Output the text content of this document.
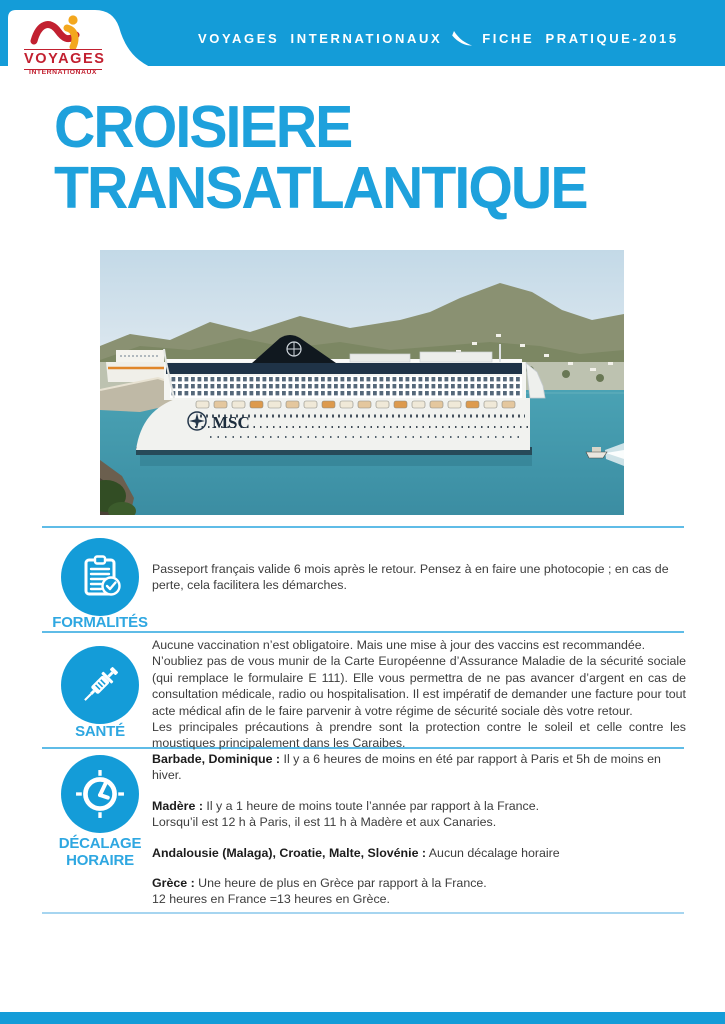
VOYAGES INTERNATIONAUX	FICHE PRATIQUE-2015
VOYAGES
INTERNATIONAUX
CROISIERE
TRANSATLANTIQUE
MSC
FORMALITÉS

Passeport français valide 6 mois après le retour. Pensez à en faire une photocopie ; en cas de perte, cela facilitera les démarches.

SANTÉ

Aucune vaccination n’est obligatoire. Mais une mise à jour des vaccins est recommandée.

N’oubliez pas de vous munir de la Carte Européenne d’Assurance Maladie de la sécurité sociale (qui remplace le formulaire E 111). Elle vous permettra de ne pas avancer d’argent en cas de consultation médicale, radio ou hospitalisation. Il est impératif de demander une facture pour tout acte médical afin de le faire parvenir à votre régime de sécurité sociale dès votre retour.

Les principales précautions à prendre sont la protection contre le soleil et celle contre les moustiques principalement dans les Caraibes.

DÉCALAGE
HORAIRE

Barbade, Dominique : Il y a 6 heures de moins en été par rapport à Paris et 5h de moins en hiver.

Madère : Il y a 1 heure de moins toute l’année par rapport à la France.

Lorsqu’il est 12 h à Paris, il est 11 h à Madère et aux Canaries.

Andalousie (Malaga), Croatie, Malte, Slovénie : Aucun décalage horaire

Grèce : Une heure de plus en Grèce par rapport à la France.

12 heures en France =13 heures en Grèce.
